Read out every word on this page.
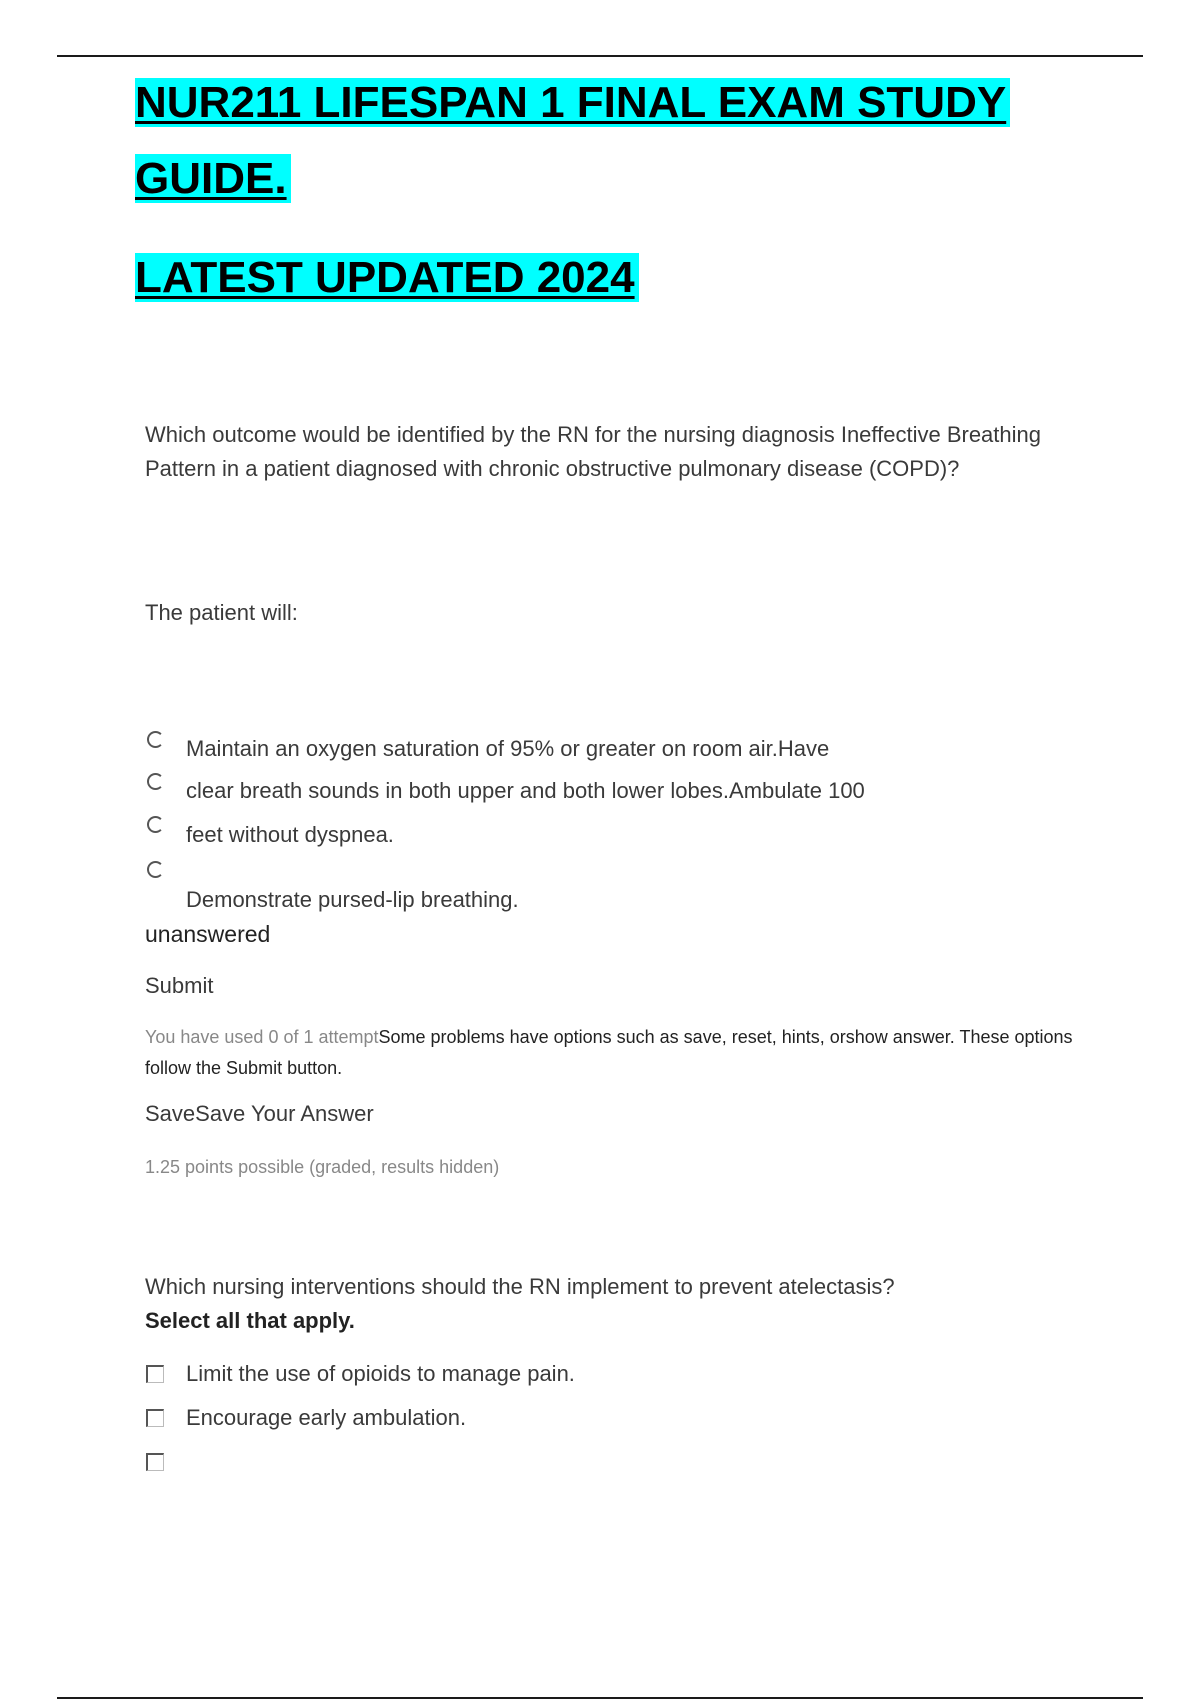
NUR211 LIFESPAN 1 FINAL EXAM STUDY
GUIDE.
LATEST UPDATED 2024
Which outcome would be identified by the RN for the nursing diagnosis Ineffective Breathing Pattern in a patient diagnosed with chronic obstructive pulmonary disease (COPD)?
The patient will:
Maintain an oxygen saturation of 95% or greater on room air.Have
clear breath sounds in both upper and both lower lobes.Ambulate 100
feet without dyspnea.
Demonstrate pursed-lip breathing.
unanswered
Submit
You have used 0 of 1 attemptSome problems have options such as save, reset, hints, orshow answer. These options follow the Submit button.
SaveSave Your Answer
1.25 points possible (graded, results hidden)
Which nursing interventions should the RN implement to prevent atelectasis? Select all that apply.
Limit the use of opioids to manage pain.
Encourage early ambulation.
